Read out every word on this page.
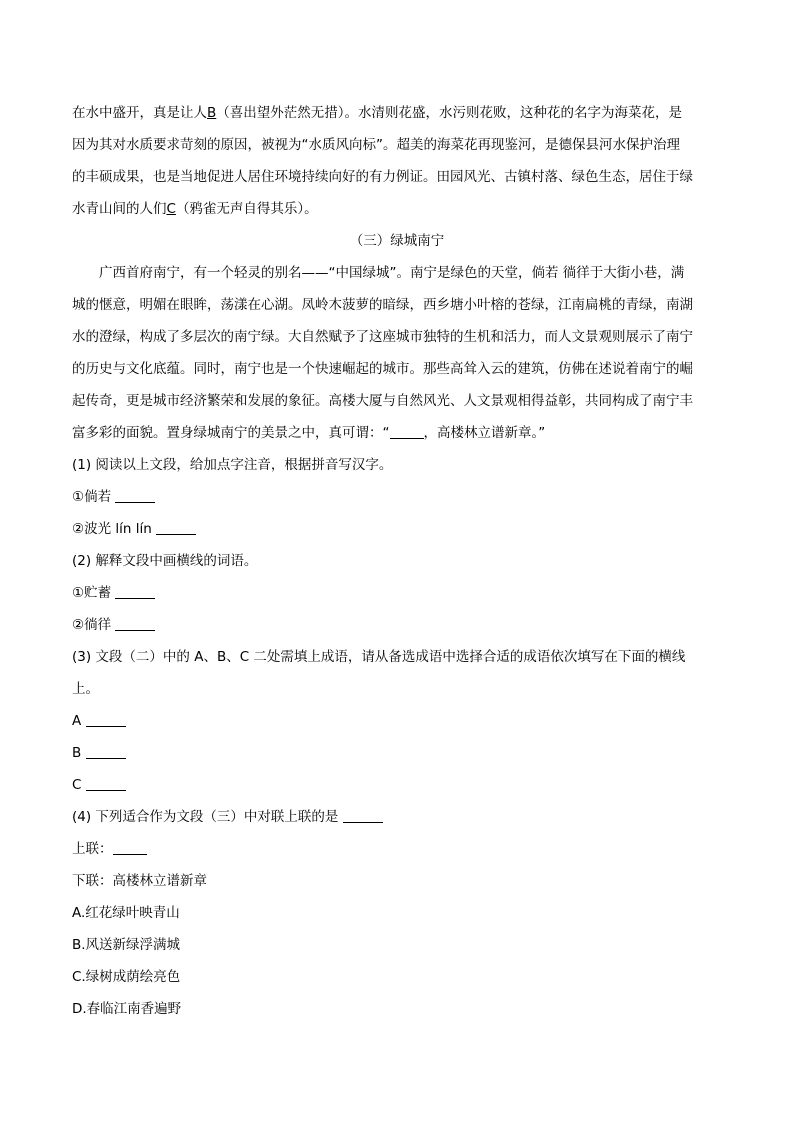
在水中盛开，真是让人B（喜出望外茫然无措）。水清则花盛，水污则花败，这种花的名字为海菜花，是

因为其对水质要求苛刻的原因，被视为“水质风向标”。超美的海菜花再现鉴河，是德保县河水保护治理

的丰硕成果，也是当地促进人居住环境持续向好的有力例证。田园风光、古镇村落、绿色生态，居住于绿

水青山间的人们C（鸦雀无声自得其乐）。

（三）绿城南宁

广西首府南宁，有一个轻灵的别名——“中国绿城”。南宁是绿色的天堂，倘若 徜徉于大街小巷，满

城的惬意，明媚在眼眸，荡漾在心湖。凤岭木菠萝的暗绿，西乡塘小叶榕的苍绿，江南扁桃的青绿，南湖

水的澄绿，构成了多层次的南宁绿。大自然赋予了这座城市独特的生机和活力，而人文景观则展示了南宁

的历史与文化底蕴。同时，南宁也是一个快速崛起的城市。那些高耸入云的建筑，仿佛在述说着南宁的崛

起传奇，更是城市经济繁荣和发展的象征。高楼大厦与自然风光、人文景观相得益彰，共同构成了南宁丰

富多彩的面貌。置身绿城南宁的美景之中，真可谓：“	，高楼林立谱新章。”

(1) 阅读以上文段，给加点字注音，根据拼音写汉字。

①倘若

②波光 lín lín

(2) 解释文段中画横线的词语。

①贮蓄

②徜徉

(3) 文段（二）中的 A、B、C 二处需填上成语，请从备选成语中选择合适的成语依次填写在下面的横线

上。

A

B

C

(4) 下列适合作为文段（三）中对联上联的是

上联：

下联：高楼林立谱新章

A.红花绿叶映青山

B.风送新绿浮满城

C.绿树成荫绘亮色

D.春临江南香遍野
